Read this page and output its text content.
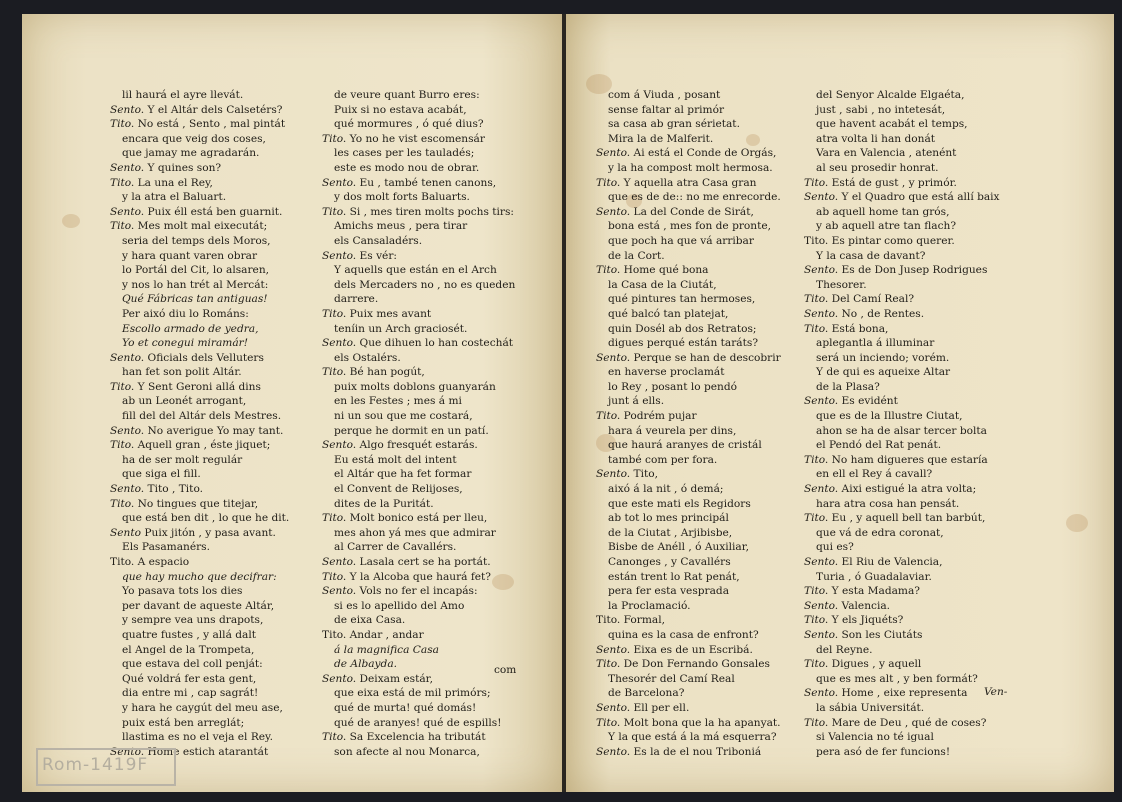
lil haurá el ayre llevát.
Sento. Y el Altár dels Calsetérs?
Tito. No está , Sento , mal pintát
encara que veig dos coses,
que jamay me agradarán.
Sento. Y quines son?
Tito. La una el Rey,
y la atra el Baluart.
Sento. Puix éll está ben guarnit.
Tito. Mes molt mal eixecutát;
seria del temps dels Moros,
y hara quant varen obrar
lo Portál del Cit, lo alsaren,
y nos lo han trét al Mercát:
Qué Fábricas tan antiguas!
Per aixó diu lo Románs:
Escollo armado de yedra,
Yo et conegui miramár!
Sento. Oficials dels Velluters
han fet son polit Altár.
Tito. Y Sent Geroni allá dins
ab un Leonét arrogant,
fill del del Altár dels Mestres.
Sento. No averigue Yo may tant.
Tito. Aquell gran , éste jiquet;
ha de ser molt regulár
que siga el fill.
Sento. Tito , Tito.
Tito. No tingues que titejar,
que está ben dit , lo que he dit.
Sento Puix jitón , y pasa avant.
Els Pasamanérs.
Tito. A espacio
que hay mucho que decifrar:
Yo pasava tots los dies
per davant de aqueste Altár,
y sempre vea uns drapots,
quatre fustes , y allá dalt
el Angel de la Trompeta,
que estava del coll penját:
Qué voldrá fer esta gent,
dia entre mi , cap sagrát!
y hara he caygút del meu ase,
puix está ben arreglát;
llastima es no el veja el Rey.
Sento. Home estich atarantát
de veure quant Burro eres:
Puix si no estava acabát,
qué mormures , ó qué dius?
Tito. Yo no he vist escomensár
les cases per les tauladés;
este es modo nou de obrar.
Sento. Eu , també tenen canons,
y dos molt forts Baluarts.
Tito. Si , mes tiren molts pochs tirs:
Amichs meus , pera tirar
els Cansaladérs.
Sento. Es vér:
Y aquells que están en el Arch
dels Mercaders no , no es queden
darrere.
Tito. Puix mes avant
teníin un Arch graciosét.
Sento. Que dihuen lo han costechát
els Ostalérs.
Tito. Bé han pogút,
puix molts doblons guanyarán
en les Festes ; mes á mi
ni un sou que me costará,
perque he dormit en un patí.
Sento. Algo fresquét estarás.
Eu está molt del intent
el Altár que ha fet formar
el Convent de Relijoses,
dites de la Puritát.
Tito. Molt bonico está per lleu,
mes ahon yá mes que admirar
al Carrer de Cavallérs.
Sento. Lasala cert se ha portát.
Tito. Y la Alcoba que haurá fet?
Sento. Vols no fer el incapás:
si es lo apellido del Amo
de eixa Casa.
Tito. Andar , andar
á la magnifica Casa
de Albayda.
Sento. Deixam estár,
que eixa está de mil primórs;
qué de murta! qué domás!
qué de aranyes! qué de espills!
Tito. Sa Excelencia ha tributát
son afecte al nou Monarca,
com
com á Viuda , posant
sense faltar al primór
sa casa ab gran sérietat.
Mira la de Malferit.
Sento. Ai está el Conde de Orgás,
y la ha compost molt hermosa.
Tito. Y aquella atra Casa gran
que es de de:: no me enrecorde.
Sento. La del Conde de Sirát,
bona está , mes fon de pronte,
que poch ha que vá arribar
de la Cort.
Tito. Home qué bona
la Casa de la Ciutát,
qué pintures tan hermoses,
qué balcó tan platejat,
quin Dosél ab dos Retratos;
digues perqué están taráts?
Sento. Perque se han de descobrir
en haverse proclamát
lo Rey , posant lo pendó
junt á ells.
Tito. Podrém pujar
hara á veurela per dins,
que haurá aranyes de cristál
també com per fora.
Sento. Tito,
aixó á la nit , ó demá;
que este mati els Regidors
ab tot lo mes principál
de la Ciutat , Arjibisbe,
Bisbe de Anéll , ó Auxiliar,
Canonges , y Cavallérs
están trent lo Rat penát,
pera fer esta vesprada
la Proclamació.
Tito. Formal,
quina es la casa de enfront?
Sento. Eixa es de un Escribá.
Tito. De Don Fernando Gonsales
Thesorér del Camí Real
de Barcelona?
Sento. Ell per ell.
Tito. Molt bona que la ha apanyat.
Y la que está á la má esquerra?
Sento. Es la de el nou Triboniá
del Senyor Alcalde Elgaéta,
just , sabi , no intetesát,
que havent acabát el temps,
atra volta li han donát
Vara en Valencia , atenént
al seu prosedir honrat.
Tito. Está de gust , y primór.
Sento. Y el Quadro que está allí baix
ab aquell home tan grós,
y ab aquell atre tan flach?
Tito. Es pintar como querer.
Y la casa de davant?
Sento. Es de Don Jusep Rodrigues
Thesorer.
Tito. Del Camí Real?
Sento. No , de Rentes.
Tito. Está bona,
aplegantla á illuminar
será un inciendo; vorém.
Y de qui es aqueixe Altar
de la Plasa?
Sento. Es evidént
que es de la Illustre Ciutat,
ahon se ha de alsar tercer bolta
el Pendó del Rat penát.
Tito. No ham digueres que estaría
en ell el Rey á cavall?
Sento. Aixi estigué la atra volta;
hara atra cosa han pensát.
Tito. Eu , y aquell bell tan barbút,
que vá de edra coronat,
qui es?
Sento. El Riu de Valencia,
Turia , ó Guadalaviar.
Tito. Y esta Madama?
Sento. Valencia.
Tito. Y els Jiquéts?
Sento. Son les Ciutáts
del Reyne.
Tito. Digues , y aquell
que es mes alt , y ben formát?
Sento. Home , eixe representa
la sábia Universitát.
Tito. Mare de Deu , qué de coses?
si Valencia no té igual
pera asó de fer funcions!
Ven-
Rom-1419F
